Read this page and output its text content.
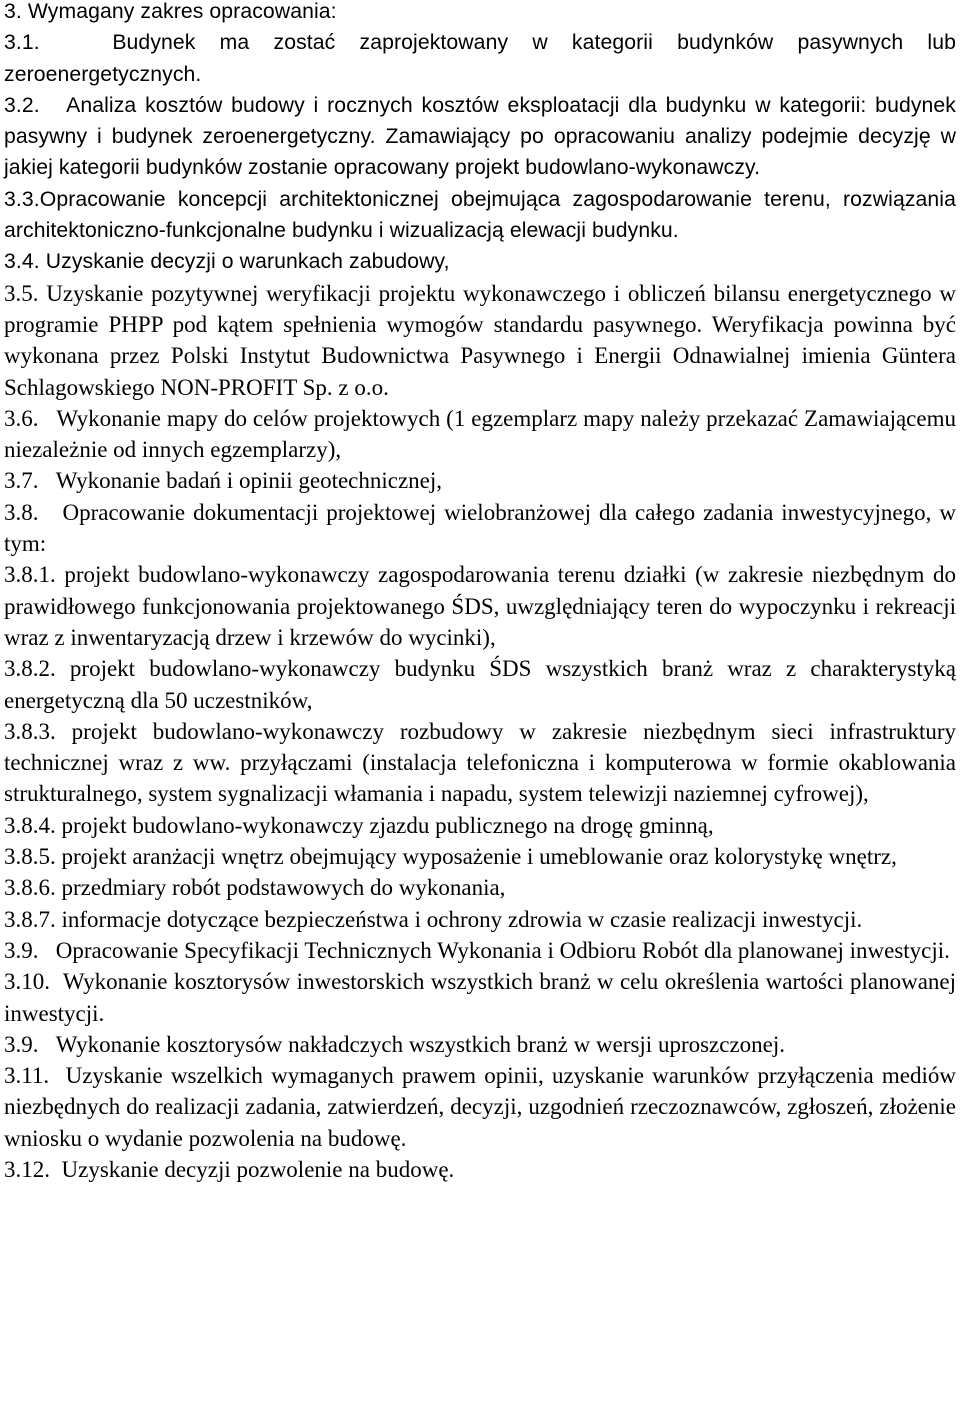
3. Wymagany zakres opracowania:

3.1.   Budynek ma zostać zaprojektowany w kategorii budynków pasywnych lub zeroenergetycznych.

3.2.   Analiza kosztów budowy i rocznych kosztów eksploatacji dla budynku w kategorii: budynek pasywny i budynek zeroenergetyczny. Zamawiający po opracowaniu analizy podejmie decyzję w jakiej kategorii budynków zostanie opracowany projekt budowlano-wykonawczy.

3.3.Opracowanie koncepcji architektonicznej obejmująca zagospodarowanie terenu, rozwiązania architektoniczno-funkcjonalne budynku i wizualizacją elewacji budynku.

3.4. Uzyskanie decyzji o warunkach zabudowy,

3.5. Uzyskanie pozytywnej weryfikacji projektu wykonawczego i obliczeń bilansu energetycznego w programie PHPP pod kątem spełnienia wymogów standardu pasywnego. Weryfikacja powinna być wykonana przez Polski Instytut Budownictwa Pasywnego i Energii Odnawialnej imienia Güntera Schlagowskiego NON-PROFIT Sp. z o.o.

3.6.   Wykonanie mapy do celów projektowych (1 egzemplarz mapy należy przekazać Zamawiającemu niezależnie od innych egzemplarzy),

3.7.   Wykonanie badań i opinii geotechnicznej,

3.8.   Opracowanie dokumentacji projektowej wielobranżowej dla całego zadania inwestycyjnego, w tym:

3.8.1. projekt budowlano-wykonawczy zagospodarowania terenu działki (w zakresie niezbędnym do prawidłowego funkcjonowania projektowanego ŚDS, uwzględniający teren do wypoczynku i rekreacji wraz z inwentaryzacją drzew i krzewów do wycinki),

3.8.2. projekt budowlano-wykonawczy budynku ŚDS wszystkich branż wraz z charakterystyką energetyczną dla 50 uczestników,

3.8.3. projekt budowlano-wykonawczy rozbudowy w zakresie niezbędnym sieci infrastruktury technicznej wraz z ww. przyłączami (instalacja telefoniczna i komputerowa w formie okablowania strukturalnego, system sygnalizacji włamania i napadu, system telewizji naziemnej cyfrowej),

3.8.4. projekt budowlano-wykonawczy zjazdu publicznego na drogę gminną,

3.8.5. projekt aranżacji wnętrz obejmujący wyposażenie i umeblowanie oraz kolorystykę wnętrz,

3.8.6. przedmiary robót podstawowych do wykonania,

3.8.7. informacje dotyczące bezpieczeństwa i ochrony zdrowia w czasie realizacji inwestycji.

3.9.   Opracowanie Specyfikacji Technicznych Wykonania i Odbioru Robót dla planowanej inwestycji.

3.10.  Wykonanie kosztorysów inwestorskich wszystkich branż w celu określenia wartości planowanej inwestycji.

3.9.   Wykonanie kosztorysów nakładczych wszystkich branż w wersji uproszczonej.

3.11.  Uzyskanie wszelkich wymaganych prawem opinii, uzyskanie warunków przyłączenia mediów niezbędnych do realizacji zadania, zatwierdzeń, decyzji, uzgodnień rzeczoznawców, zgłoszeń, złożenie wniosku o wydanie pozwolenia na budowę.

3.12.  Uzyskanie decyzji pozwolenie na budowę.
